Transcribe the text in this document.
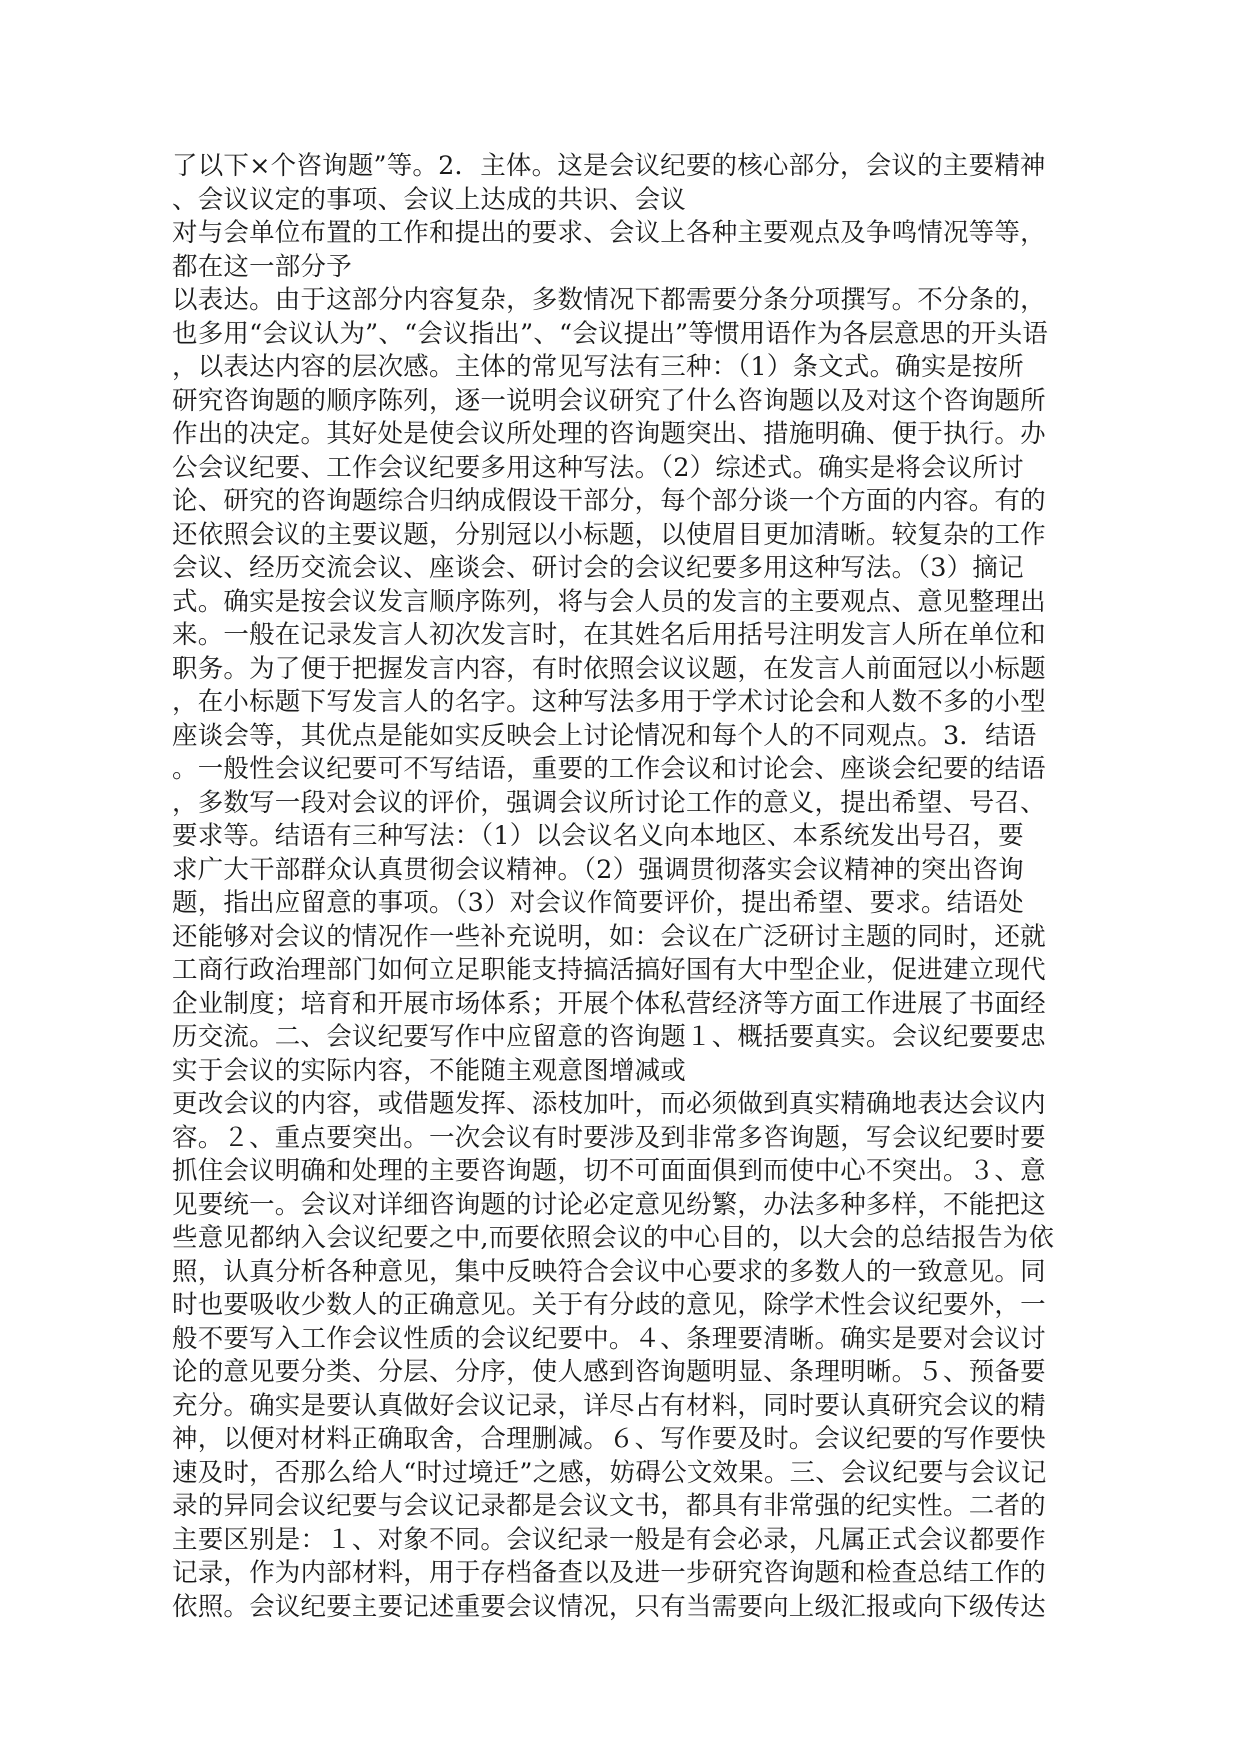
了以下×个咨询题”等。2．主体。这是会议纪要的核心部分，会议的主要精神
、会议议定的事项、会议上达成的共识、会议
对与会单位布置的工作和提出的要求、会议上各种主要观点及争鸣情况等等，
都在这一部分予
以表达。由于这部分内容复杂，多数情况下都需要分条分项撰写。不分条的，
也多用“会议认为”、“会议指出”、“会议提出”等惯用语作为各层意思的开头语
，以表达内容的层次感。主体的常见写法有三种：（1）条文式。确实是按所
研究咨询题的顺序陈列，逐一说明会议研究了什么咨询题以及对这个咨询题所
作出的决定。其好处是使会议所处理的咨询题突出、措施明确、便于执行。办
公会议纪要、工作会议纪要多用这种写法。（2）综述式。确实是将会议所讨
论、研究的咨询题综合归纳成假设干部分，每个部分谈一个方面的内容。有的
还依照会议的主要议题，分别冠以小标题，以使眉目更加清晰。较复杂的工作
会议、经历交流会议、座谈会、研讨会的会议纪要多用这种写法。（3）摘记
式。确实是按会议发言顺序陈列，将与会人员的发言的主要观点、意见整理出
来。一般在记录发言人初次发言时，在其姓名后用括号注明发言人所在单位和
职务。为了便于把握发言内容，有时依照会议议题，在发言人前面冠以小标题
，在小标题下写发言人的名字。这种写法多用于学术讨论会和人数不多的小型
座谈会等，其优点是能如实反映会上讨论情况和每个人的不同观点。3．结语
。一般性会议纪要可不写结语，重要的工作会议和讨论会、座谈会纪要的结语
，多数写一段对会议的评价，强调会议所讨论工作的意义，提出希望、号召、
要求等。结语有三种写法：（1）以会议名义向本地区、本系统发出号召，要
求广大干部群众认真贯彻会议精神。（2）强调贯彻落实会议精神的突出咨询
题，指出应留意的事项。（3）对会议作简要评价，提出希望、要求。结语处
还能够对会议的情况作一些补充说明，如：会议在广泛研讨主题的同时，还就
工商行政治理部门如何立足职能支持搞活搞好国有大中型企业，促进建立现代
企业制度；培育和开展市场体系；开展个体私营经济等方面工作进展了书面经
历交流。二、会议纪要写作中应留意的咨询题１、概括要真实。会议纪要要忠
实于会议的实际内容，不能随主观意图增减或
更改会议的内容，或借题发挥、添枝加叶，而必须做到真实精确地表达会议内
容。２、重点要突出。一次会议有时要涉及到非常多咨询题，写会议纪要时要
抓住会议明确和处理的主要咨询题，切不可面面俱到而使中心不突出。３、意
见要统一。会议对详细咨询题的讨论必定意见纷繁，办法多种多样，不能把这
些意见都纳入会议纪要之中,而要依照会议的中心目的，以大会的总结报告为依
照，认真分析各种意见，集中反映符合会议中心要求的多数人的一致意见。同
时也要吸收少数人的正确意见。关于有分歧的意见，除学术性会议纪要外，一
般不要写入工作会议性质的会议纪要中。４、条理要清晰。确实是要对会议讨
论的意见要分类、分层、分序，使人感到咨询题明显、条理明晰。５、预备要
充分。确实是要认真做好会议记录，详尽占有材料，同时要认真研究会议的精
神，以便对材料正确取舍，合理删减。６、写作要及时。会议纪要的写作要快
速及时，否那么给人“时过境迁”之感，妨碍公文效果。三、会议纪要与会议记
录的异同会议纪要与会议记录都是会议文书，都具有非常强的纪实性。二者的
主要区别是：１、对象不同。会议纪录一般是有会必录，凡属正式会议都要作
记录，作为内部材料，用于存档备查以及进一步研究咨询题和检查总结工作的
依照。会议纪要主要记述重要会议情况，只有当需要向上级汇报或向下级传达
